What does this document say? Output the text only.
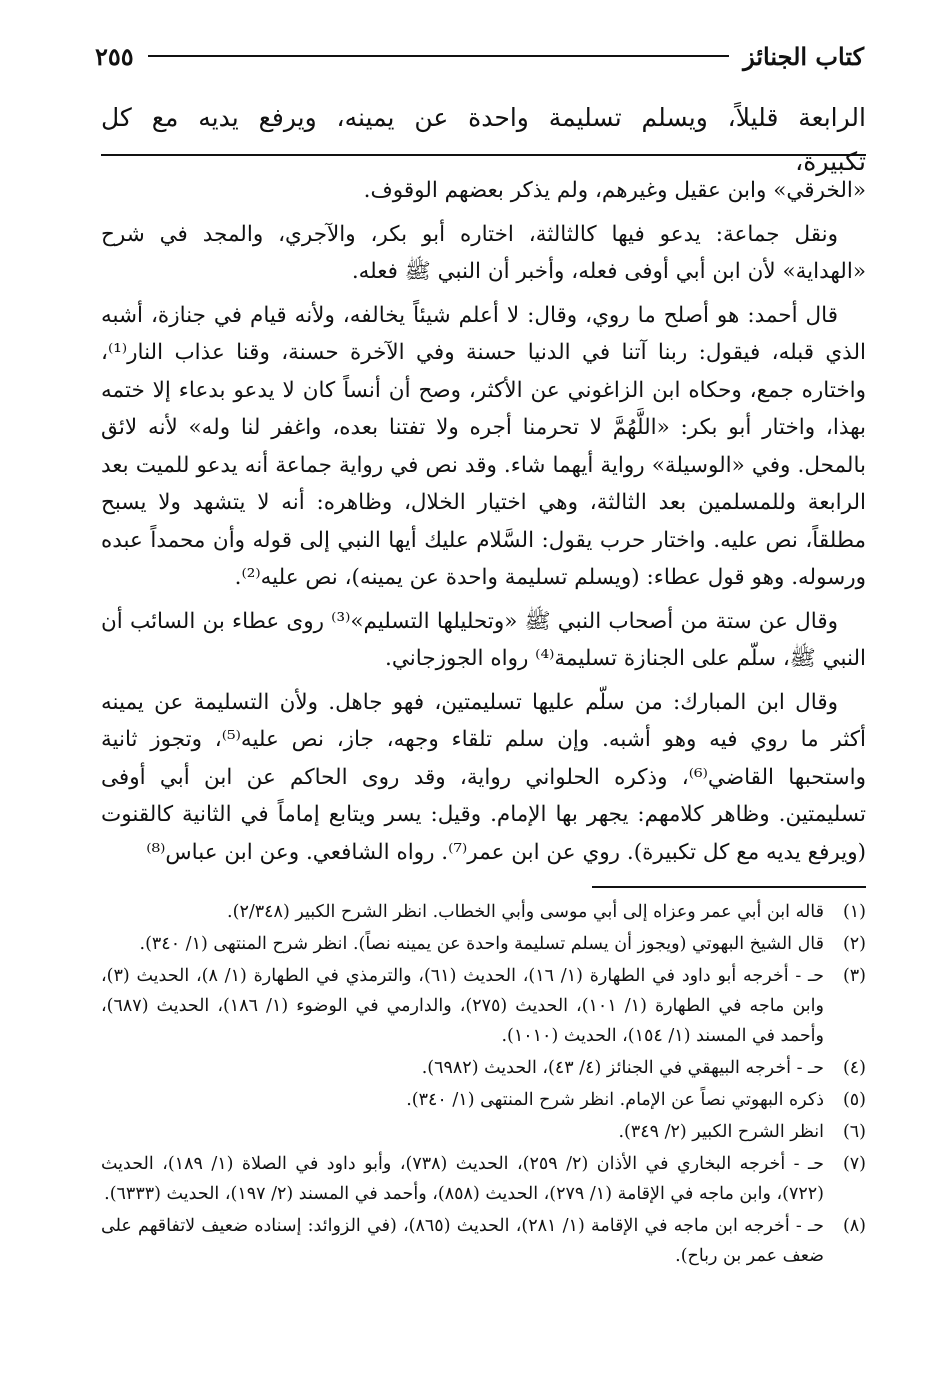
كتاب الجنائز
٢٥٥
الرابعة قليلاً، ويسلم تسليمة واحدة عن يمينه، ويرفع يديه مع كل تكبيرة،

«الخرقي» وابن عقيل وغيرهم، ولم يذكر بعضهم الوقوف.

ونقل جماعة: يدعو فيها كالثالثة، اختاره أبو بكر، والآجري، والمجد في شرح «الهداية» لأن ابن أبي أوفى فعله، وأخبر أن النبي ﷺ فعله.

قال أحمد: هو أصلح ما روي، وقال: لا أعلم شيئاً يخالفه، ولأنه قيام في جنازة، أشبه الذي قبله، فيقول: ربنا آتنا في الدنيا حسنة وفي الآخرة حسنة، وقنا عذاب النار⁽¹⁾، واختاره جمع، وحكاه ابن الزاغوني عن الأكثر، وصح أن أنساً كان لا يدعو بدعاء إلا ختمه بهذا، واختار أبو بكر: «اللَّهُمَّ لا تحرمنا أجره ولا تفتنا بعده، واغفر لنا وله» لأنه لائق بالمحل. وفي «الوسيلة» رواية أيهما شاء. وقد نص في رواية جماعة أنه يدعو للميت بعد الرابعة وللمسلمين بعد الثالثة، وهي اختيار الخلال، وظاهره: أنه لا يتشهد ولا يسبح مطلقاً، نص عليه. واختار حرب يقول: السَّلام عليك أيها النبي إلى قوله وأن محمداً عبده ورسوله. وهو قول عطاء: (ويسلم تسليمة واحدة عن يمينه)، نص عليه⁽²⁾.

وقال عن ستة من أصحاب النبي ﷺ «وتحليلها التسليم»⁽³⁾ روى عطاء بن السائب أن النبي ﷺ، سلّم على الجنازة تسليمة⁽⁴⁾ رواه الجوزجاني.

وقال ابن المبارك: من سلّم عليها تسليمتين، فهو جاهل. ولأن التسليمة عن يمينه أكثر ما روي فيه وهو أشبه. وإن سلم تلقاء وجهه، جاز، نص عليه⁽⁵⁾، وتجوز ثانية واستحبها القاضي⁽⁶⁾، وذكره الحلواني رواية، وقد روى الحاكم عن ابن أبي أوفى تسليمتين. وظاهر كلامهم: يجهر بها الإمام. وقيل: يسر ويتابع إماماً في الثانية كالقنوت (ويرفع يديه مع كل تكبيرة). روي عن ابن عمر⁽⁷⁾. رواه الشافعي. وعن ابن عباس⁽⁸⁾

(١)
قاله ابن أبي عمر وعزاه إلى أبي موسى وأبي الخطاب. انظر الشرح الكبير (٢/٣٤٨).
(٢)
قال الشيخ البهوتي (ويجوز أن يسلم تسليمة واحدة عن يمينه نصاً). انظر شرح المنتهى (١/ ٣٤٠).
(٣)
حـ - أخرجه أبو داود في الطهارة (١/ ١٦)، الحديث (٦١)، والترمذي في الطهارة (١/ ٨)، الحديث (٣)، وابن ماجه في الطهارة (١/ ١٠١)، الحديث (٢٧٥)، والدارمي في الوضوء (١/ ١٨٦)، الحديث (٦٨٧)، وأحمد في المسند (١/ ١٥٤)، الحديث (١٠١٠).
(٤)
حـ - أخرجه البيهقي في الجنائز (٤/ ٤٣)، الحديث (٦٩٨٢).
(٥)
ذكره البهوتي نصاً عن الإمام. انظر شرح المنتهى (١/ ٣٤٠).
(٦)
انظر الشرح الكبير (٢/ ٣٤٩).
(٧)
حـ - أخرجه البخاري في الأذان (٢/ ٢٥٩)، الحديث (٧٣٨)، وأبو داود في الصلاة (١/ ١٨٩)، الحديث (٧٢٢)، وابن ماجه في الإقامة (١/ ٢٧٩)، الحديث (٨٥٨)، وأحمد في المسند (٢/ ١٩٧)، الحديث (٦٣٣٣).
(٨)
حـ - أخرجه ابن ماجه في الإقامة (١/ ٢٨١)، الحديث (٨٦٥)، (في الزوائد: إسناده ضعيف لاتفاقهم على ضعف عمر بن رباح).
